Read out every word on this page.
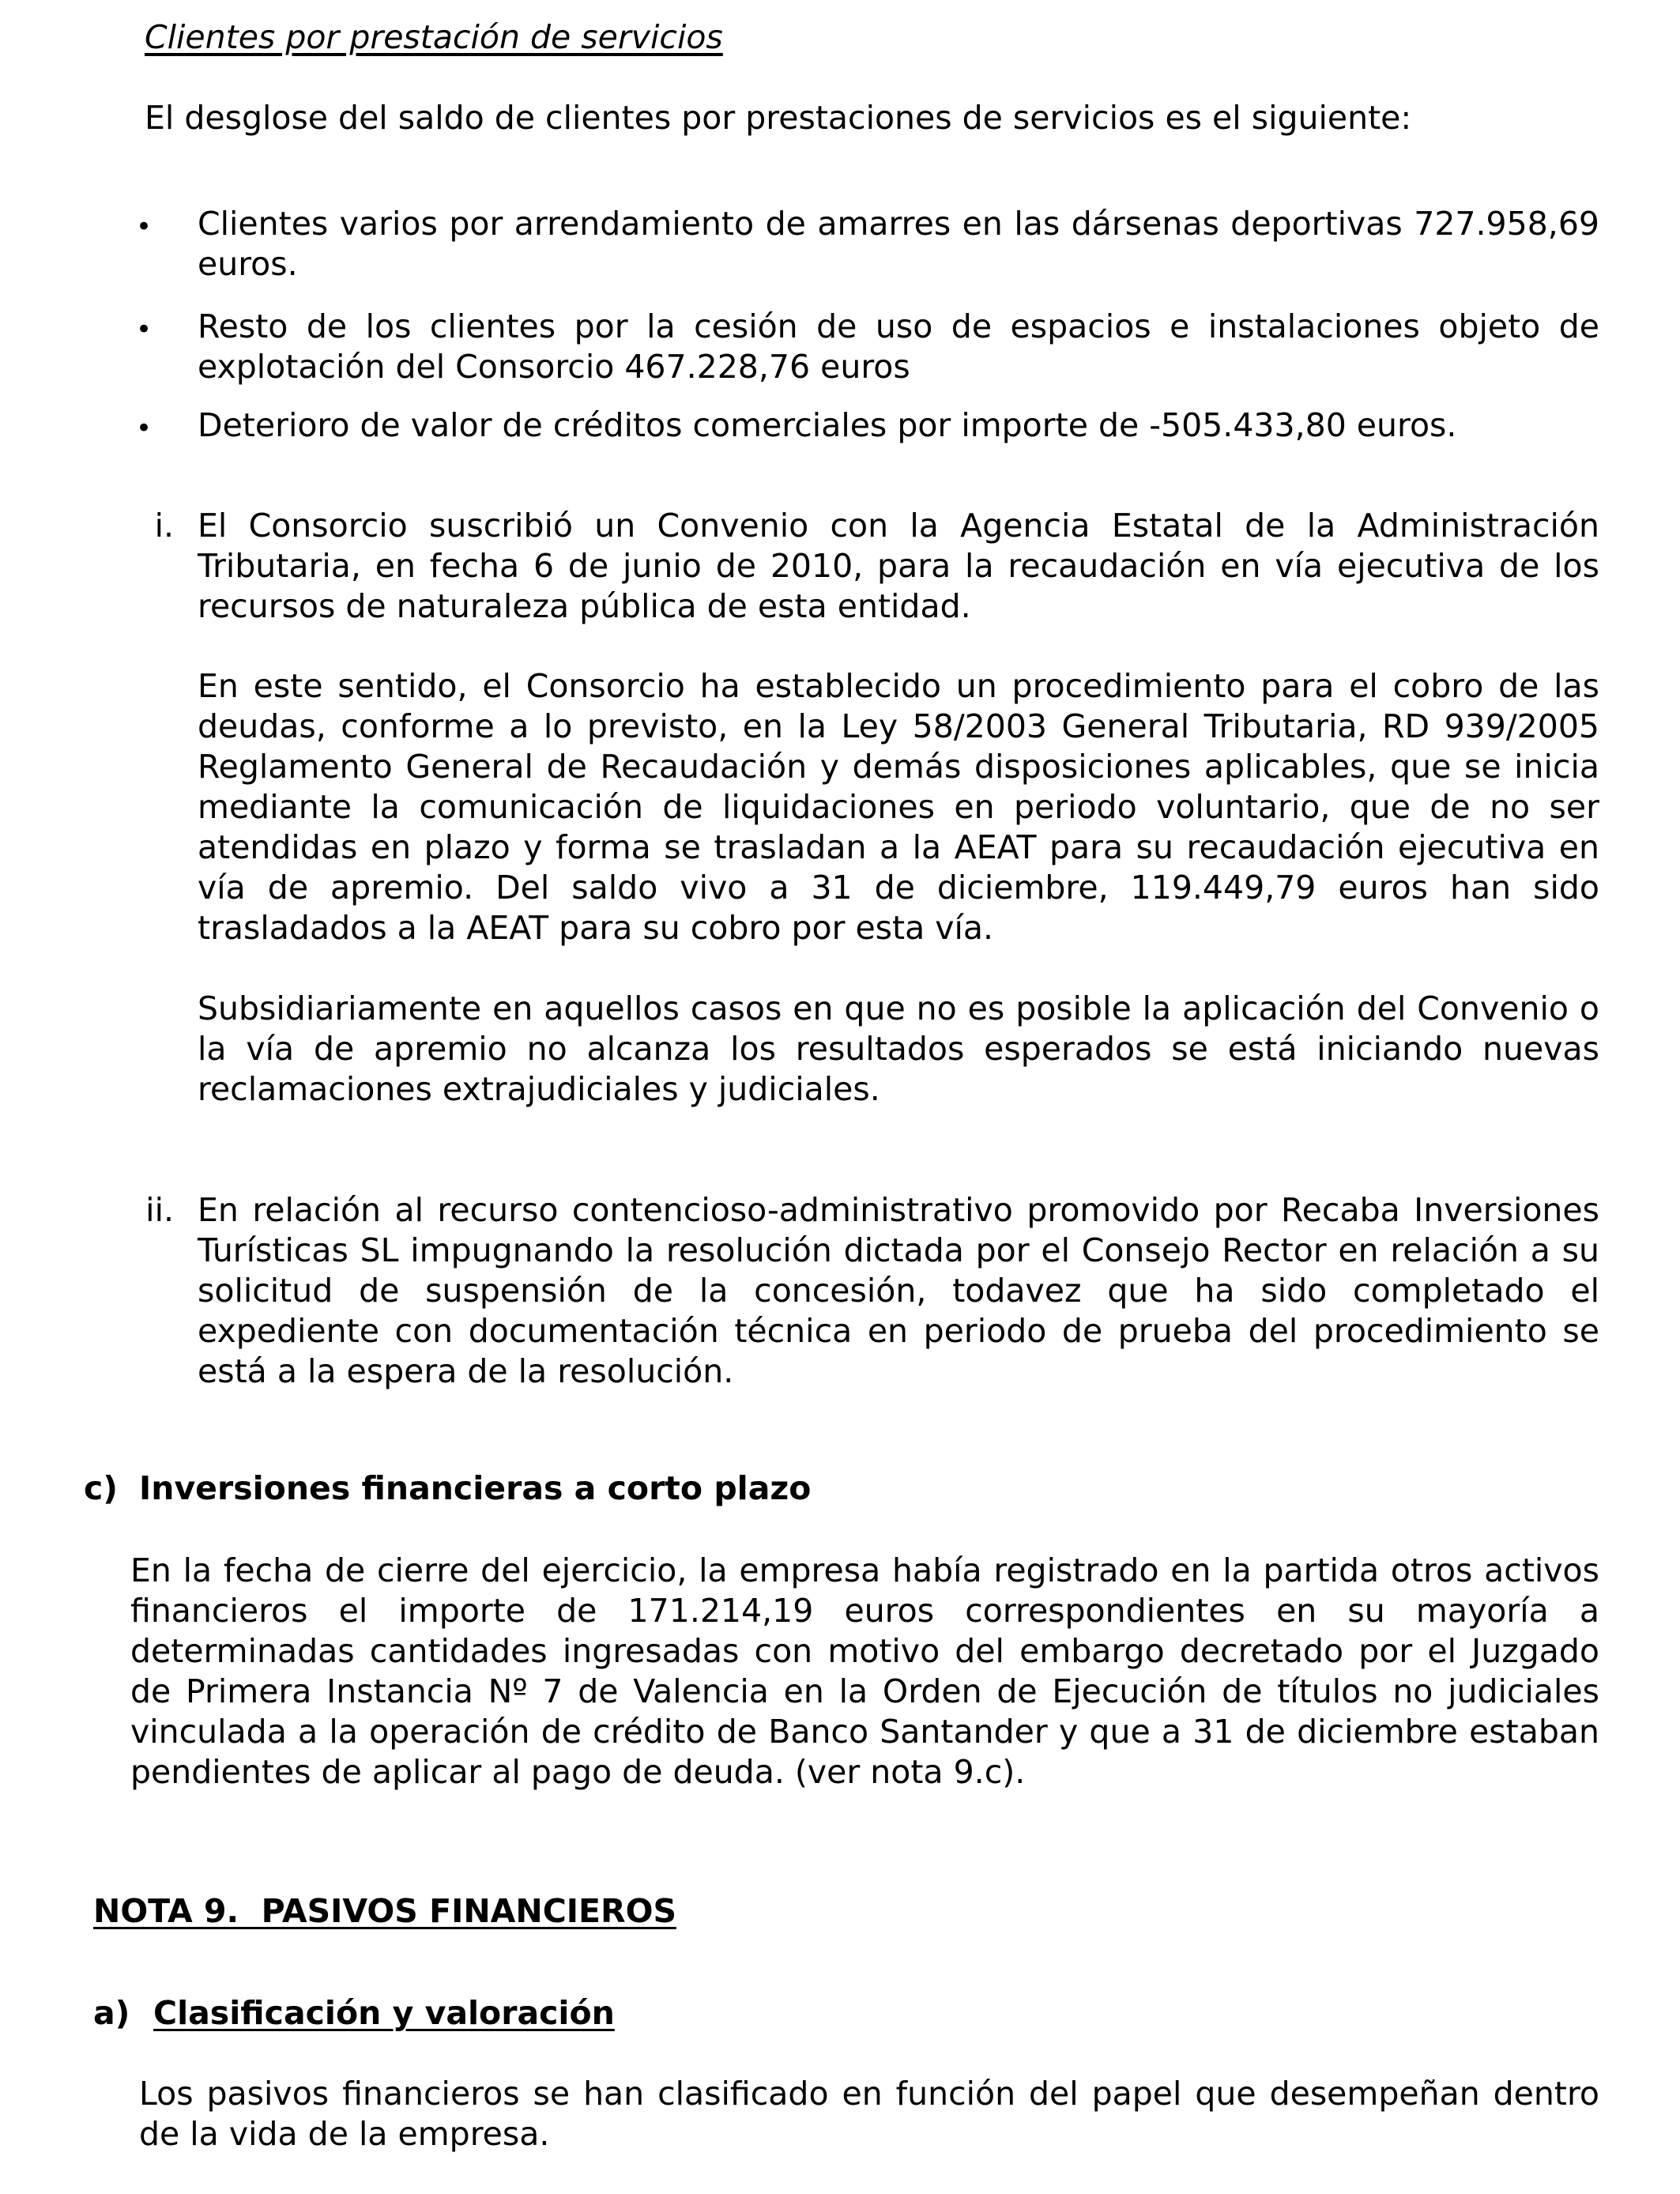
Clientes por prestación de servicios

El desglose del saldo de clientes por prestaciones de servicios es el siguiente:

• Clientes varios por arrendamiento de amarres en las dársenas deportivas 727.958,69 euros.

• Resto de los clientes por la cesión de uso de espacios e instalaciones objeto de explotación del Consorcio 467.228,76 euros

• Deterioro de valor de créditos comerciales por importe de -505.433,80 euros.

i. El Consorcio suscribió un Convenio con la Agencia Estatal de la Administración Tributaria, en fecha 6 de junio de 2010, para la recaudación en vía ejecutiva de los recursos de naturaleza pública de esta entidad.

En este sentido, el Consorcio ha establecido un procedimiento para el cobro de las deudas, conforme a lo previsto, en la Ley 58/2003 General Tributaria, RD 939/2005 Reglamento General de Recaudación y demás disposiciones aplicables, que se inicia mediante la comunicación de liquidaciones en periodo voluntario, que de no ser atendidas en plazo y forma se trasladan a la AEAT para su recaudación ejecutiva en vía de apremio. Del saldo vivo a 31 de diciembre, 119.449,79 euros han sido trasladados a la AEAT para su cobro por esta vía.

Subsidiariamente en aquellos casos en que no es posible la aplicación del Convenio o la vía de apremio no alcanza los resultados esperados se está iniciando nuevas reclamaciones extrajudiciales y judiciales.

ii. En relación al recurso contencioso-administrativo promovido por Recaba Inversiones Turísticas SL impugnando la resolución dictada por el Consejo Rector en relación a su solicitud de suspensión de la concesión, todavez que ha sido completado el expediente con documentación técnica en periodo de prueba del procedimiento se está a la espera de la resolución.

c) Inversiones financieras a corto plazo

En la fecha de cierre del ejercicio, la empresa había registrado en la partida otros activos financieros el importe de 171.214,19 euros correspondientes en su mayoría a determinadas cantidades ingresadas con motivo del embargo decretado por el Juzgado de Primera Instancia Nº 7 de Valencia en la Orden de Ejecución de títulos no judiciales vinculada a la operación de crédito de Banco Santander y que a 31 de diciembre estaban pendientes de aplicar al pago de deuda. (ver nota 9.c).

NOTA 9.  PASIVOS FINANCIEROS

a) Clasificación y valoración

Los pasivos financieros se han clasificado en función del papel que desempeñan dentro de la vida de la empresa.
